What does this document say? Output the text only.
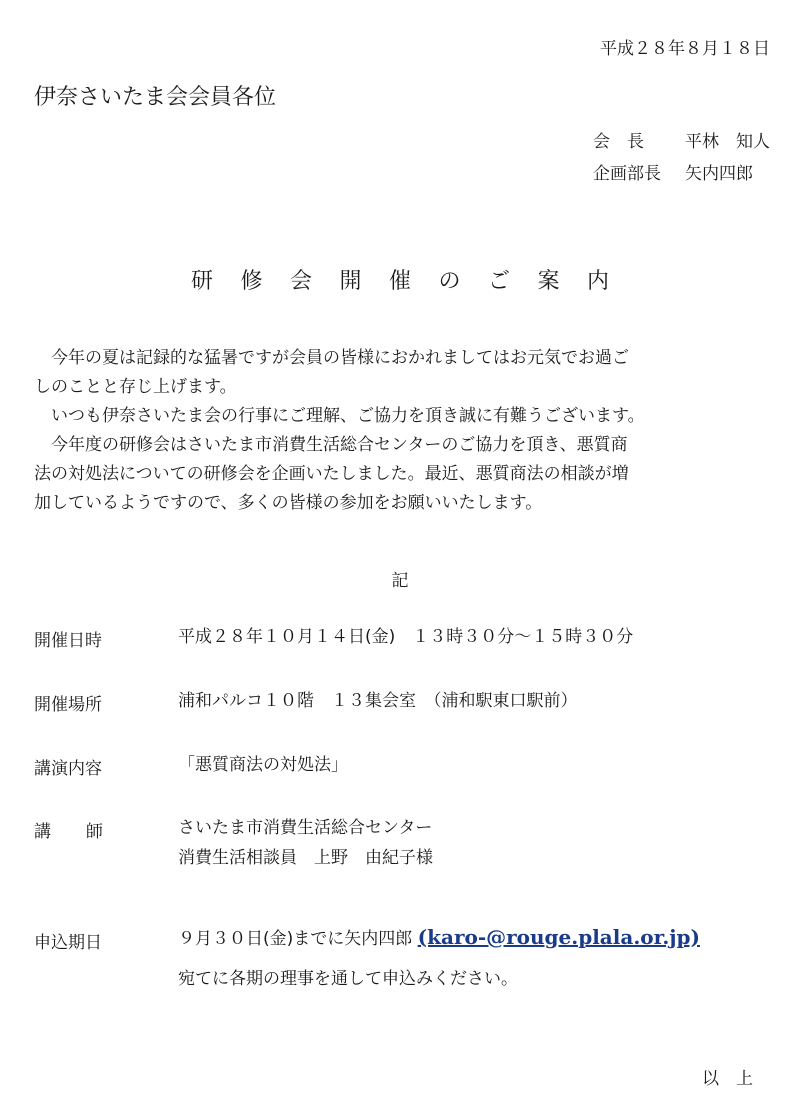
平成２８年８月１８日
伊奈さいたま会会員各位
会　長	平林　知人
企画部長	矢内四郎
研修会開催のご案内

今年の夏は記録的な猛暑ですが会員の皆様におかれましてはお元気でお過ご
しのことと存じ上げます。

いつも伊奈さいたま会の行事にご理解、ご協力を頂き誠に有難うございます。

今年度の研修会はさいたま市消費生活総合センターのご協力を頂き、悪質商
法の対処法についての研修会を企画いたしました。最近、悪質商法の相談が増
加しているようですので、多くの皆様の参加をお願いいたします。

記
開催日時	平成２８年１０月１４日(金)　１３時３０分～１５時３０分
開催場所	浦和パルコ１０階　１３集会室　（浦和駅東口駅前）
講演内容	「悪質商法の対処法」
講師 さいたま市消費生活総合センター
消費生活相談員　上野　由紀子様
申込期日	９月３０日(金)までに矢内四郎 (karo-@rouge.plala.or.jp)
宛てに各期の理事を通して申込みください。
以上
